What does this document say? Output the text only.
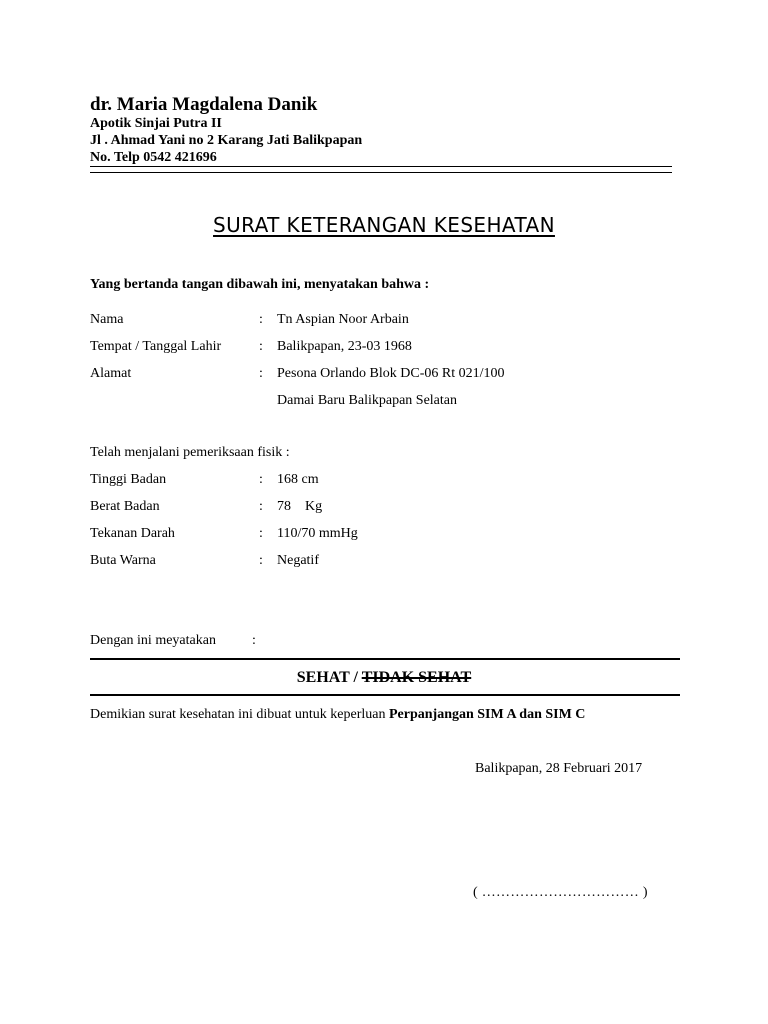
dr. Maria Magdalena Danik
Apotik Sinjai Putra II
Jl . Ahmad Yani no 2 Karang Jati Balikpapan
No. Telp 0542 421696
SURAT KETERANGAN KESEHATAN
Yang bertanda tangan dibawah ini, menyatakan bahwa :
Nama	: Tn Aspian Noor Arbain
Tempat / Tanggal Lahir	: Balikpapan, 23-03 1968
Alamat	: Pesona Orlando Blok DC-06 Rt 021/100
Damai Baru Balikpapan Selatan
Telah menjalani pemeriksaan fisik :
Tinggi Badan	: 168 cm
Berat Badan	: 78    Kg
Tekanan Darah	: 110/70 mmHg
Buta Warna	: Negatif
Dengan ini meyatakan	:
SEHAT / TIDAK SEHAT
Demikian surat kesehatan ini dibuat untuk keperluan Perpanjangan SIM A dan SIM C
Balikpapan, 28 Februari 2017
( …………………………… )
